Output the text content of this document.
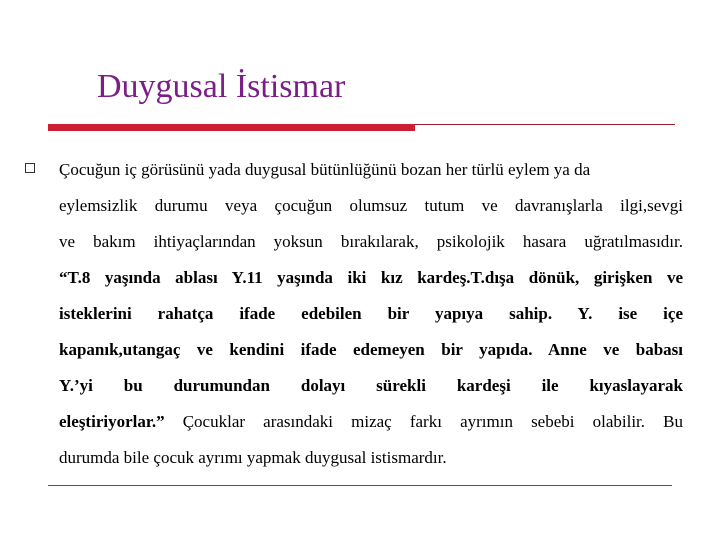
Duygusal İstismar
Çocuğun iç görüsünü yada duygusal bütünlüğünü bozan her türlü eylem ya da
eylemsizlik durumu veya çocuğun olumsuz tutum ve davranışlarla ilgi,sevgi
ve bakım ihtiyaçlarından yoksun bırakılarak, psikolojik hasara uğratılmasıdır.
“T.8 yaşında ablası Y.11 yaşında iki kız kardeş.T.dışa dönük, girişken ve
isteklerini rahatça ifade edebilen bir yapıya sahip. Y. ise içe
kapanık,utangaç ve kendini ifade edemeyen bir yapıda. Anne ve babası
Y.’yi bu durumundan dolayı sürekli kardeşi ile kıyaslayarak
eleştiriyorlar.” Çocuklar arasındaki mizaç farkı ayrımın sebebi olabilir. Bu
durumda bile çocuk ayrımı yapmak duygusal istismardır.
